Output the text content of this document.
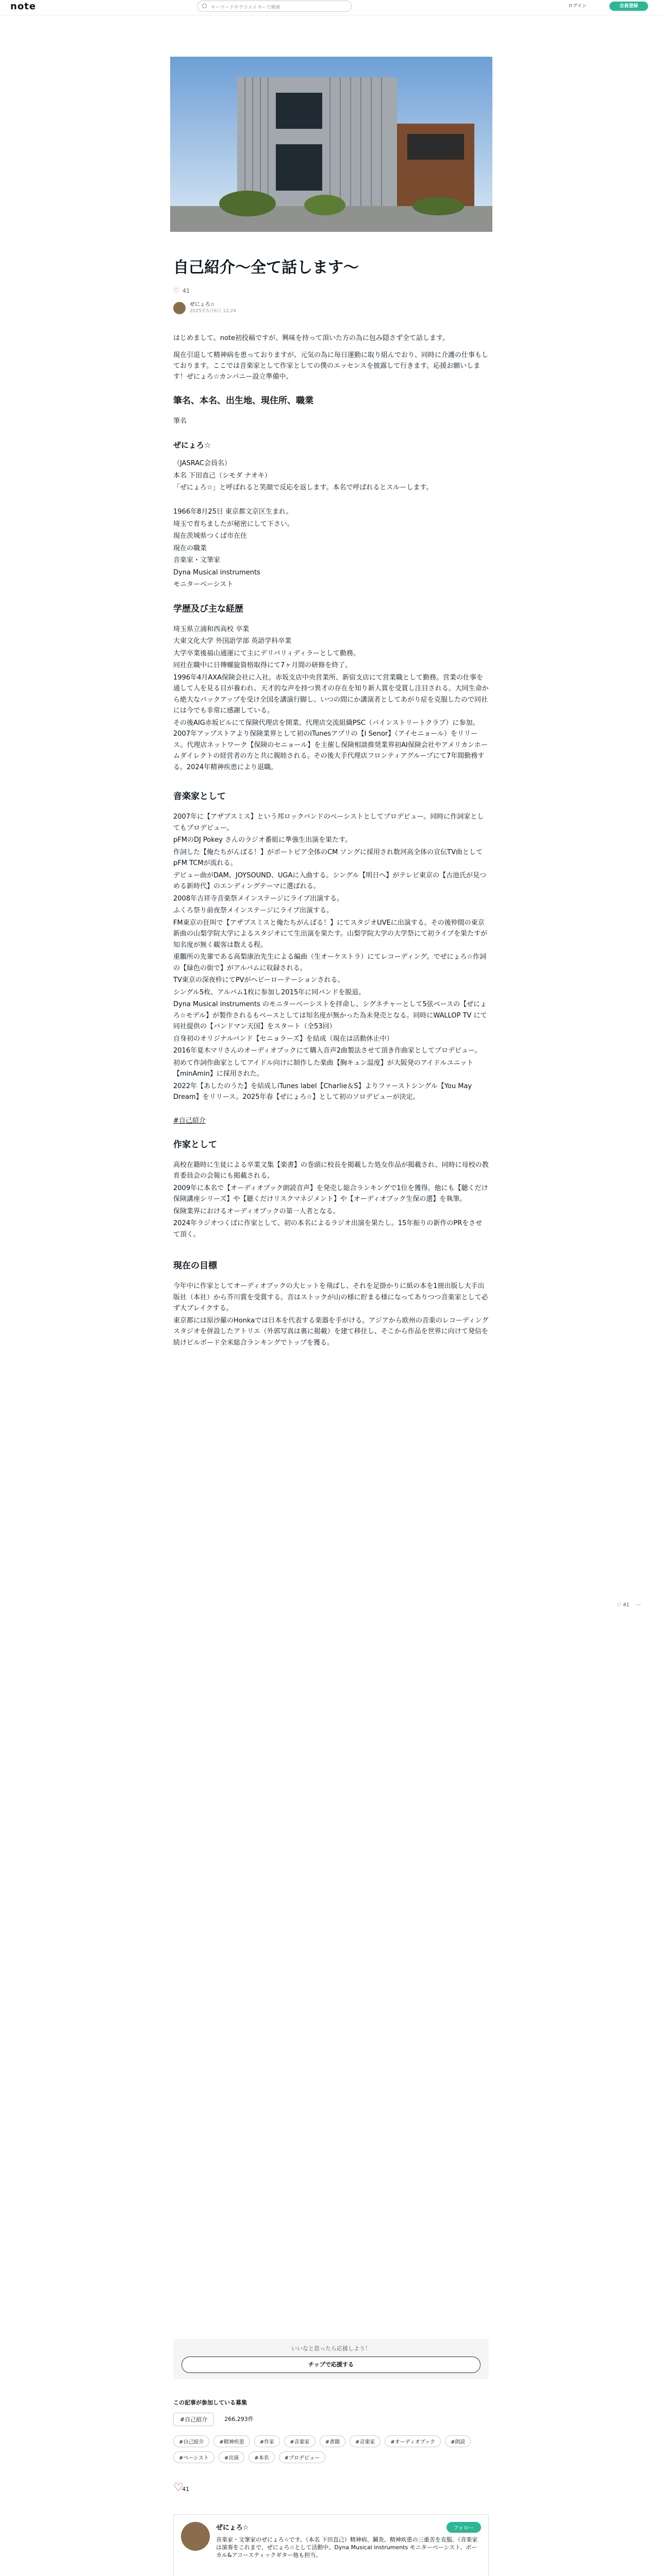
note	キーワードやクリエイターで検索	ログイン	会員登録
自己紹介〜全て話します〜
♡ 41
ぜにょろ☆
2025年5月6日 12:24
はじめまして。note初投稿ですが、興味を持って頂いた方の為に包み隠さず全て話します。
現在引退して精神病を患っておりますが、元気の為に毎日運動に取り組んでおり、同時に介護の仕事もしております。ここでは音楽家として作家としての僕のエッセンスを披露して行きます。応援お願いします！ぜにょろ☆カンパニー設立準備中。
筆名、本名、出生地、現住所、職業
筆名
ぜにょろ☆
（JASRAC会員名）
本名 下田直己（シモダ ナオキ）
「ぜにょろ☆」と呼ばれると笑顔で反応を返します。本名で呼ばれるとスルーします。

1966年8月25日 東京都文京区生まれ。
埼玉で育ちましたが秘密にして下さい。
現在茨城県つくば市在住
現在の職業
音楽家・文筆家
Dyna Musical instruments
モニターベーシスト
学歴及び主な経歴
埼玉県立浦和西高校 卒業
大東文化大学 外国語学部 英語学科卒業
大学卒業後福山通運にて主にデリバリィディラーとして勤務。
同社在職中に日傳螺旋資格取得にて7ヶ月間の研修を終了。
1996年4月AXA保険会社に入社。赤坂支店中央営業所、新宿支店にて営業職として勤務。営業の仕事を通して人を見る目が養われ、天才的な声を持つ異才の存在を知り新人賞を受賞し注目される。大同生命から絶大なバックアップを受け全国を講演行脚し、いつの間にか講演者としてあがり症を克服したので同社には今でも非常に感謝している。
その後AIG赤坂ビルにて保険代理店を開業、代理店交流組織PSC（パインストリートクラブ）に参加。2007年アップストアより保険業界として初のiTunesアプリの【I Senor】（アイセニョール）をリリース。代理店ネットワーク【保険のセニョール】を主催し保険相談推奨業界初AI保険会社やアメリカンホームダイレクトの経営者の方と共に親睦される。その後大手代理店フロンティアグループにて7年間勤務する。2024年精神疾患により退職。
音楽家として
2007年に【アザブスミス】という邦ロックバンドのベーシストとしてプロデビュー。同時に作詞家としてもプロデビュー。
pFMのDJ Pokey さんのラジオ番組に準強生出演を果たす。
作詞した【俺たちがんばる！】がボートピア全体のCM ソングに採用され数河高全体の宣伝TV曲として pFM TCMが流れる。
デビュー曲がDAM、JOYSOUND、UGAに入曲する。シングル【明日へ】がテレビ東京の【古池氏が見つめる新時代】のエンディングテーマに選ばれる。
2008年吉祥寺音楽祭メインステージにライブ出演する。
ふくろ祭り前夜祭メインステージにライブ出演する。
FM東京の狂叫で【アザブスミスと俺たちがんばる！】にてスタジオUVEに出演する。その後仲間の東京新曲の山梨学院大学によるスタジオにて生出演を果たす。山梨学院大学の大学祭にて初ライブを果たすが知名度が無く観客は数える程。
重鵬所の先輩である高梨康治先生による編曲（生オーケストラ）にてレコーディング。でぜにょろ☆作詞の【緑色の街で】がアルバムに収録される。
TV東京の深夜枠にてPVがヘビーローテーションされる。
シングル5枚、アルバム1枚に参加し2015年に同バンドを脱退。
Dyna Musical instruments のモニターベーシストを拝命し、シグネチャーとして5弦ベースの【ぜにょろ☆モデル】が製作されるもベースとしては知名度が無かった為未発売となる。同時にWALLOP TV にて同社提供の【バンドマン天国】をスタート（全53回）
自身初のオリジナルバンド【セニョラーズ】を結成（現在は活動休止中）
2016年夏木マリさんのオーディオブックにて購入音声2曲製法させて頂き作曲家としてプロデビュー。
初めて作詞作曲家としてアイドル向けに制作した楽曲【胸キュン温度】が大阪発のアイドルユニット【minAmin】に採用された。
2022年【あしたのうた】を結成しiTunes label【Charlie＆S】よりファーストシングル【You May Dream】をリリース。2025年春【ぜにょろ☆】として初のソロデビューが決定。
#自己紹介
作家として
高校在籍時に生徒による卒業文集【楽書】の巻頭に校長を掲載した処女作品が掲載され、同時に母校の教育委員会の会報にも掲載される。
2009年に本名で【オーディオブック朗読音声】を発売し総合ランキングで1位を獲得。他にも【聴くだけ保険講座シリーズ】や【聴くだけリスクマネジメント】や【オーディオブック生保の選】を執筆。
保険業界におけるオーディオブックの第一人者となる。
2024年ラジオつくばに作家として、初の本名によるラジオ出演を果たし。15年振りの新作のPRをさせて頂く。
現在の目標
今年中に作家としてオーディオブックの大ヒットを飛ばし、それを足掛かりに紙の本を1冊出版し大手出版社（本社）から芥川賞を受賞する。音はストックが山の様に貯まる様になってありつつ音楽家として必ず大ブレイクする。
東京都には原沙羅のHonkaでは日本を代表する楽器を手がける。アジアから欧州の音楽のレコーディングスタジオを併設したアトリエ（外郭写真は裏に掲載）を建て移住し、そこから作品を世界に向けて発信を続けビルボード全米総合ランキングでトップを獲る。
♡ 41 ⋯
いいなと思ったら応援しよう！
チップで応援する
この記事が参加している募集
#自己紹介	266,293件
#自己紹介	#精神疾患	#作家	#音楽家	#書籍	#音楽家	#オーディオブック	#朗読
#ベーシスト	#出演	#本名	#プロデビュー
♡ 41
ぜにょろ☆	フォロー
音楽家・文筆家のぜにょろ☆です。（本名 下田直己）精神病、鍼灸、精神疾患の三重苦を克服。（音楽家は演奏をこれまで、ぜにょろ☆として活動中。Dyna Musical instruments モニターベーシスト、ボーカル&アコースティックギター他も担当。
